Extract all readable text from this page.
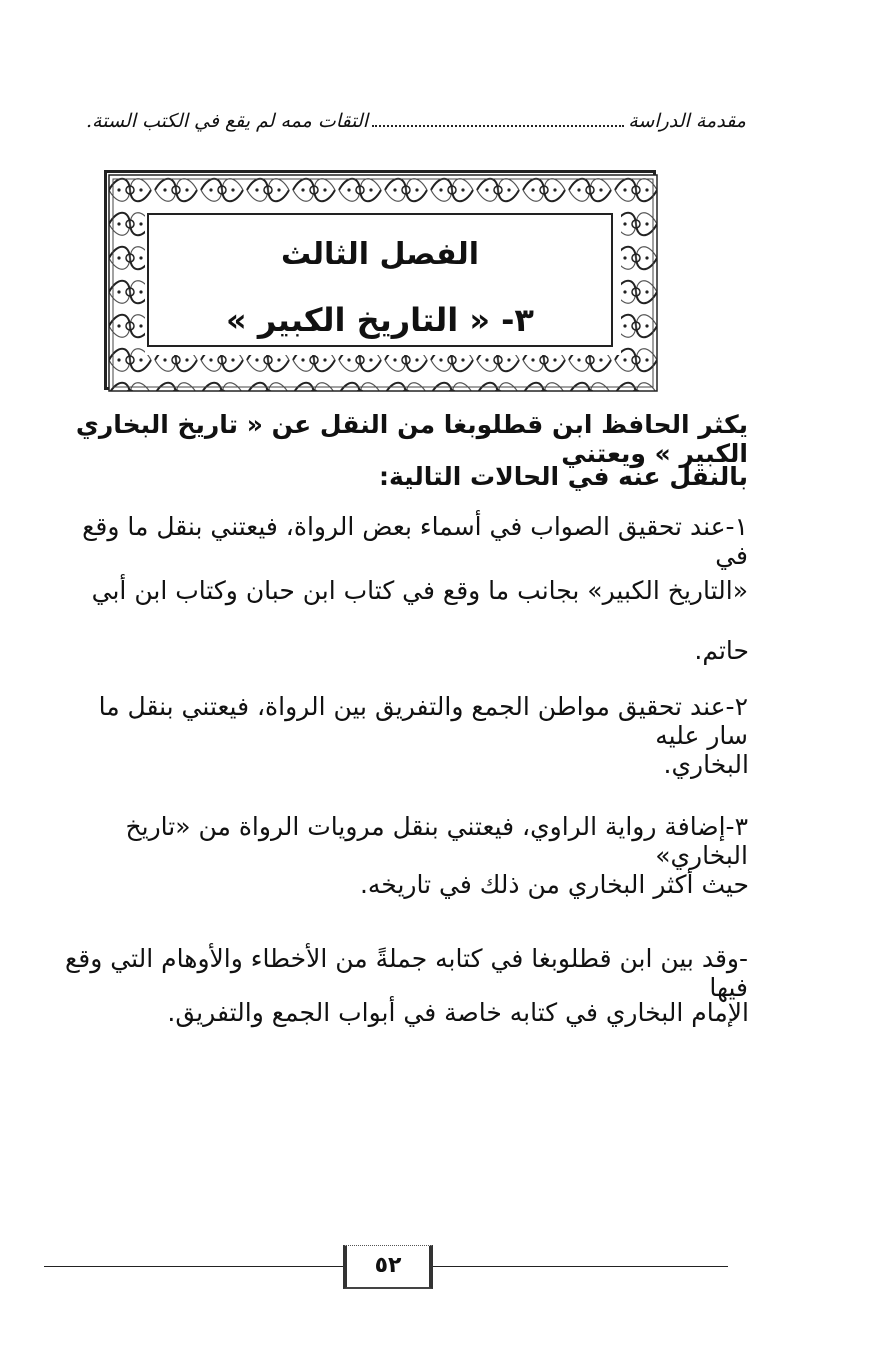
مقدمة الدراسة
.التقات ممه لم يقع في الكتب الستة
الفصل الثالث
٣- « التاريخ الكبير »
يكثر الحافظ ابن قطلوبغا من النقل عن « تاريخ البخاري الكبير » ويعتني
بالنقل عنه في الحالات التالية:
١-عند تحقيق الصواب في أسماء بعض الرواة، فيعتني بنقل ما وقع في
«التاريخ الكبير» بجانب ما وقع في كتاب ابن حبان وكتاب ابن أبي
حاتم.
٢-عند تحقيق مواطن الجمع والتفريق بين الرواة، فيعتني بنقل ما سار عليه
البخاري.
٣-إضافة رواية الراوي، فيعتني بنقل مرويات الرواة من «تاريخ البخاري»
حيث أكثر البخاري من ذلك في تاريخه.
-وقد بين ابن قطلوبغا في كتابه جملةً من الأخطاء والأوهام التي وقع فيها
الإمام البخاري في كتابه خاصة في أبواب الجمع والتفريق.
٥٢
